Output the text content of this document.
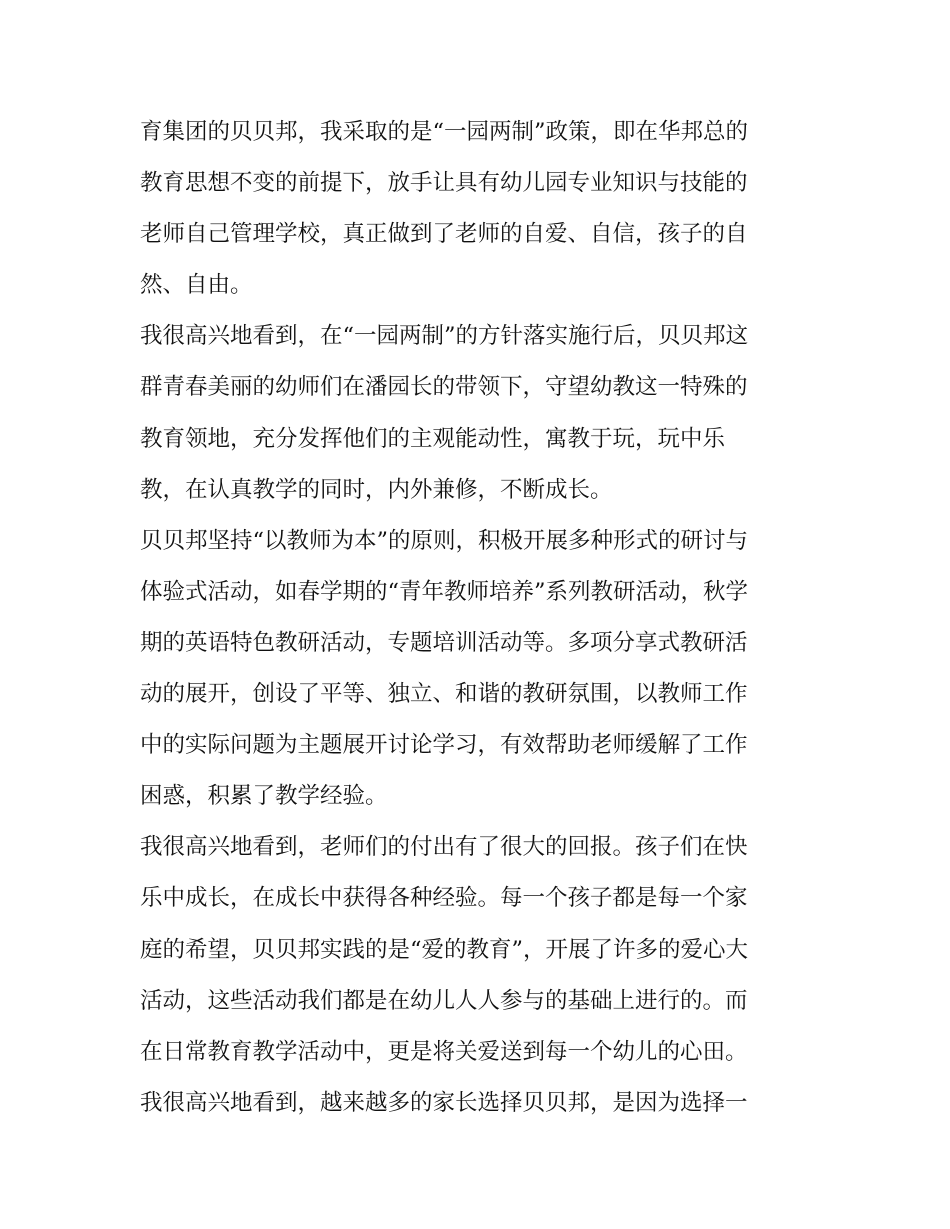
育集团的贝贝邦，我采取的是“一园两制”政策，即在华邦总的
教育思想不变的前提下，放手让具有幼儿园专业知识与技能的
老师自己管理学校，真正做到了老师的自爱、自信，孩子的自
然、自由。
我很高兴地看到，在“一园两制”的方针落实施行后，贝贝邦这
群青春美丽的幼师们在潘园长的带领下，守望幼教这一特殊的
教育领地，充分发挥他们的主观能动性，寓教于玩，玩中乐
教，在认真教学的同时，内外兼修，不断成长。
贝贝邦坚持“以教师为本”的原则，积极开展多种形式的研讨与
体验式活动，如春学期的“青年教师培养”系列教研活动，秋学
期的英语特色教研活动，专题培训活动等。多项分享式教研活
动的展开，创设了平等、独立、和谐的教研氛围，以教师工作
中的实际问题为主题展开讨论学习，有效帮助老师缓解了工作
困惑，积累了教学经验。
我很高兴地看到，老师们的付出有了很大的回报。孩子们在快
乐中成长，在成长中获得各种经验。每一个孩子都是每一个家
庭的希望，贝贝邦实践的是“爱的教育”，开展了许多的爱心大
活动，这些活动我们都是在幼儿人人参与的基础上进行的。而
在日常教育教学活动中，更是将关爱送到每一个幼儿的心田。
我很高兴地看到，越来越多的家长选择贝贝邦，是因为选择一
